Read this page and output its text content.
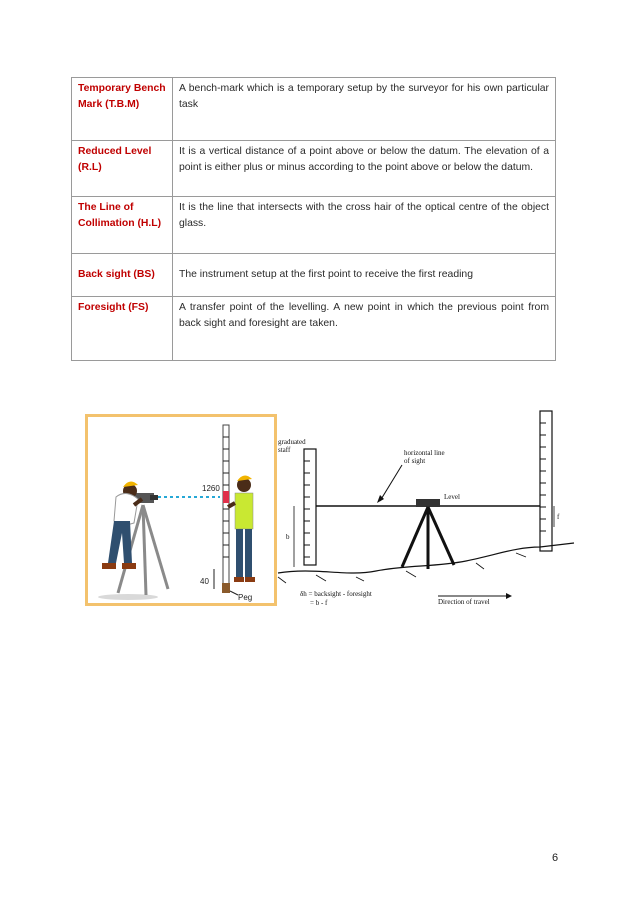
Temporary Bench Mark (T.B.M)	A bench-mark which is a temporary setup by the surveyor for his own particular task
Reduced Level (R.L)	It is a vertical distance of a point above or below the datum. The elevation of a point is either plus or minus according to the point above or below the datum.
The Line of Collimation (H.L)	It is the line that intersects with the cross hair of the optical centre of the object glass.
Back sight (BS)	The instrument setup at the first point to receive the first reading
Foresight (FS)	A transfer point of the levelling. A new point in which the previous point from back sight and foresight are taken.
1260
40
Peg
graduated
staff	horizontal line
of sight
Level
b
f
δh = backsight - foresight
= b - f	Direction of travel
6
